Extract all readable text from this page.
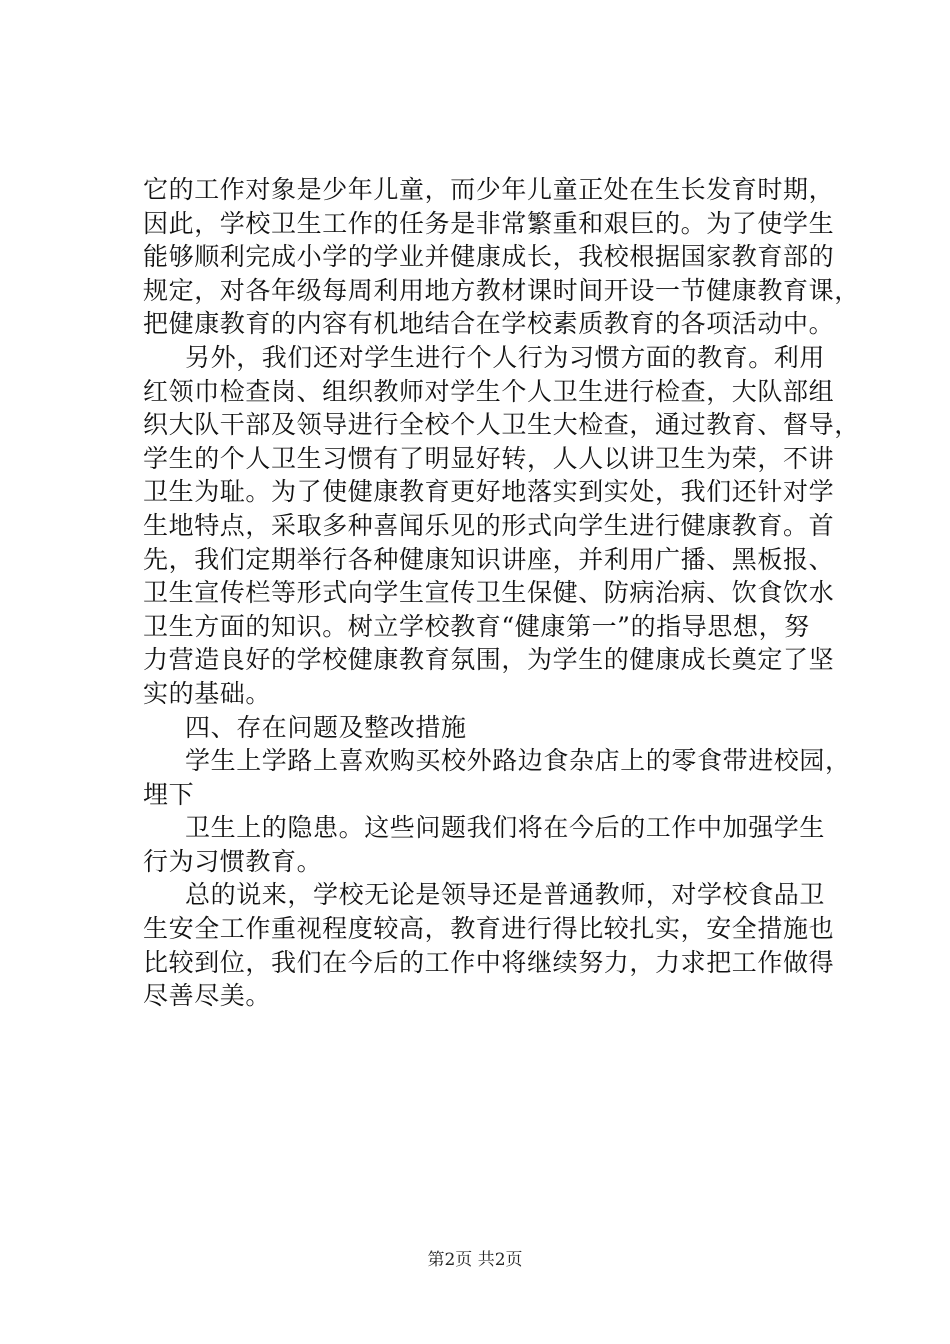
它的工作对象是少年儿童，而少年儿童正处在生长发育时期，
因此，学校卫生工作的任务是非常繁重和艰巨的。为了使学生
能够顺利完成小学的学业并健康成长，我校根据国家教育部的
规定，对各年级每周利用地方教材课时间开设一节健康教育课，
把健康教育的内容有机地结合在学校素质教育的各项活动中。
另外，我们还对学生进行个人行为习惯方面的教育。利用
红领巾检查岗、组织教师对学生个人卫生进行检查，大队部组
织大队干部及领导进行全校个人卫生大检查，通过教育、督导，
学生的个人卫生习惯有了明显好转，人人以讲卫生为荣，不讲
卫生为耻。为了使健康教育更好地落实到实处，我们还针对学
生地特点，采取多种喜闻乐见的形式向学生进行健康教育。首
先，我们定期举行各种健康知识讲座，并利用广播、黑板报、
卫生宣传栏等形式向学生宣传卫生保健、防病治病、饮食饮水
卫生方面的知识。树立学校教育“健康第一”的指导思想，努
力营造良好的学校健康教育氛围，为学生的健康成长奠定了坚
实的基础。
四、存在问题及整改措施
学生上学路上喜欢购买校外路边食杂店上的零食带进校园，
埋下
卫生上的隐患。这些问题我们将在今后的工作中加强学生
行为习惯教育。
总的说来，学校无论是领导还是普通教师，对学校食品卫
生安全工作重视程度较高，教育进行得比较扎实，安全措施也
比较到位，我们在今后的工作中将继续努力，力求把工作做得
尽善尽美。
第2页 共2页
